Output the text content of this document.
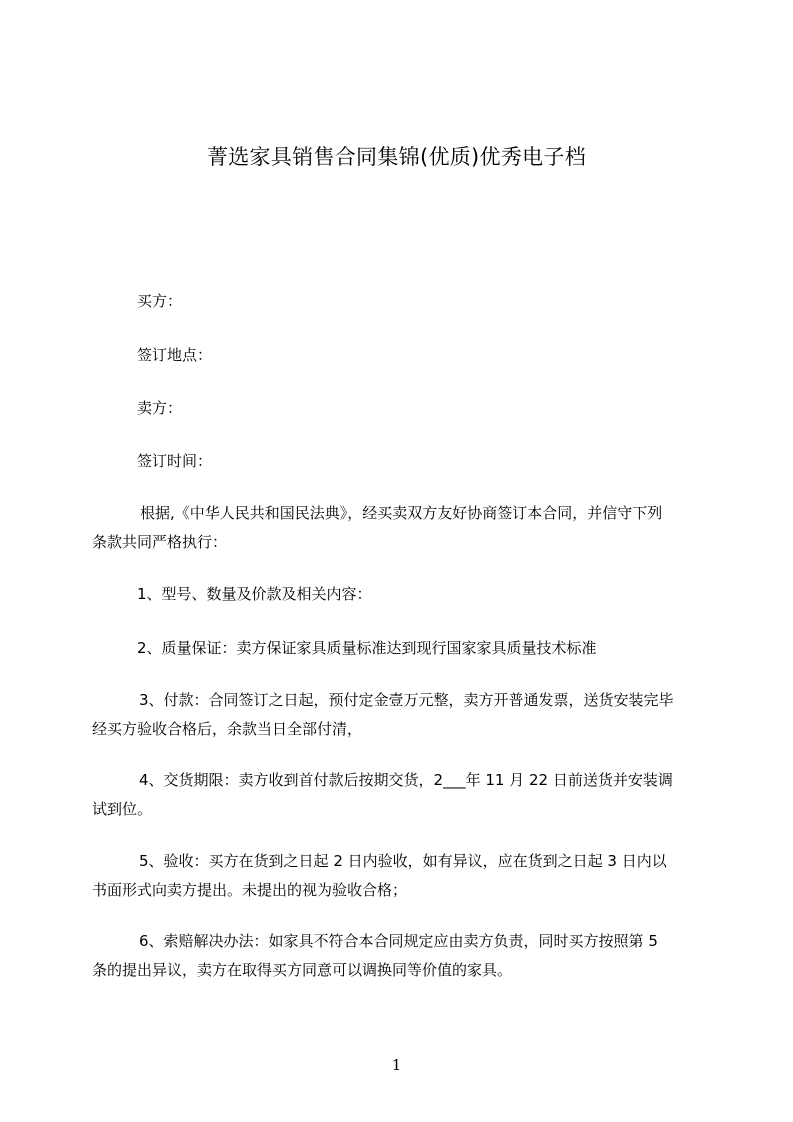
菁选家具销售合同集锦(优质)优秀电子档
买方：
签订地点：
卖方：
签订时间：
根据,《中华人民共和国民法典》，经买卖双方友好协商签订本合同，并信守下列
条款共同严格执行：
1、型号、数量及价款及相关内容：
2、质量保证：卖方保证家具质量标准达到现行国家家具质量技术标准
3、付款：合同签订之日起，预付定金壹万元整，卖方开普通发票，送货安装完毕
经买方验收合格后，余款当日全部付清，
4、交货期限：卖方收到首付款后按期交货，2___年 11 月 22 日前送货并安装调
试到位。
5、验收：买方在货到之日起 2 日内验收，如有异议，应在货到之日起 3 日内以
书面形式向卖方提出。未提出的视为验收合格；
6、索赔解决办法：如家具不符合本合同规定应由卖方负责，同时买方按照第 5
条的提出异议，卖方在取得买方同意可以调换同等价值的家具。
1
